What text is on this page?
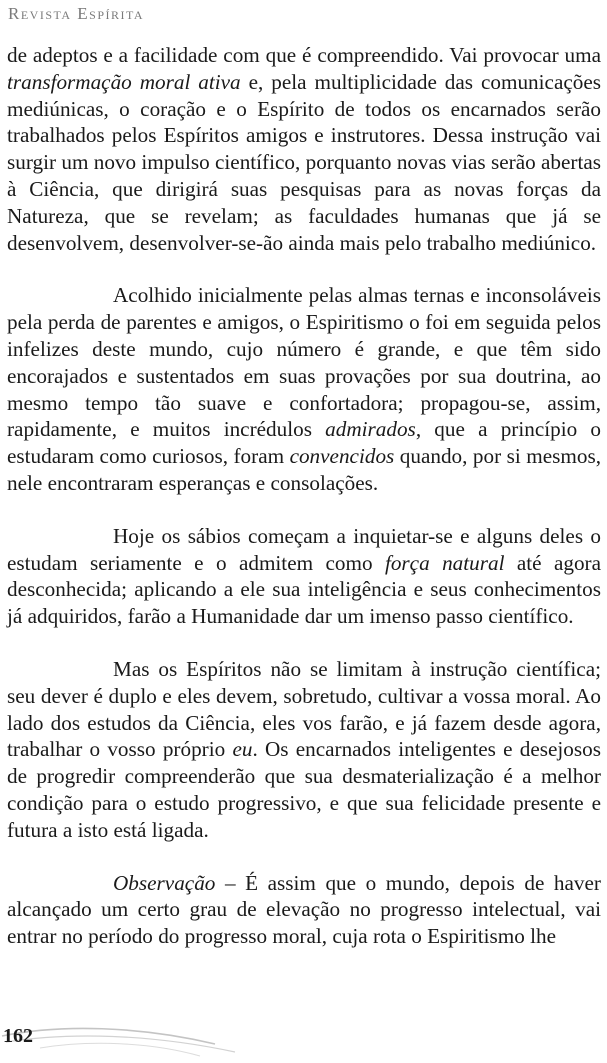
Revista Espírita

de adeptos e a facilidade com que é compreendido. Vai provocar uma transformação moral ativa e, pela multiplicidade das comunicações mediúnicas, o coração e o Espírito de todos os encarnados serão trabalhados pelos Espíritos amigos e instrutores. Dessa instrução vai surgir um novo impulso científico, porquanto novas vias serão abertas à Ciência, que dirigirá suas pesquisas para as novas forças da Natureza, que se revelam; as faculdades humanas que já se desenvolvem, desenvolver-se-ão ainda mais pelo trabalho mediúnico.

Acolhido inicialmente pelas almas ternas e inconsoláveis pela perda de parentes e amigos, o Espiritismo o foi em seguida pelos infelizes deste mundo, cujo número é grande, e que têm sido encorajados e sustentados em suas provações por sua doutrina, ao mesmo tempo tão suave e confortadora; propagou-se, assim, rapidamente, e muitos incrédulos admirados, que a princípio o estudaram como curiosos, foram convencidos quando, por si mesmos, nele encontraram esperanças e consolações.

Hoje os sábios começam a inquietar-se e alguns deles o estudam seriamente e o admitem como força natural até agora desconhecida; aplicando a ele sua inteligência e seus conhecimentos já adquiridos, farão a Humanidade dar um imenso passo científico.

Mas os Espíritos não se limitam à instrução científica; seu dever é duplo e eles devem, sobretudo, cultivar a vossa moral. Ao lado dos estudos da Ciência, eles vos farão, e já fazem desde agora, trabalhar o vosso próprio eu. Os encarnados inteligentes e desejosos de progredir compreenderão que sua desmaterialização é a melhor condição para o estudo progressivo, e que sua felicidade presente e futura a isto está ligada.

Observação – É assim que o mundo, depois de haver alcançado um certo grau de elevação no progresso intelectual, vai entrar no período do progresso moral, cuja rota o Espiritismo lhe

162
